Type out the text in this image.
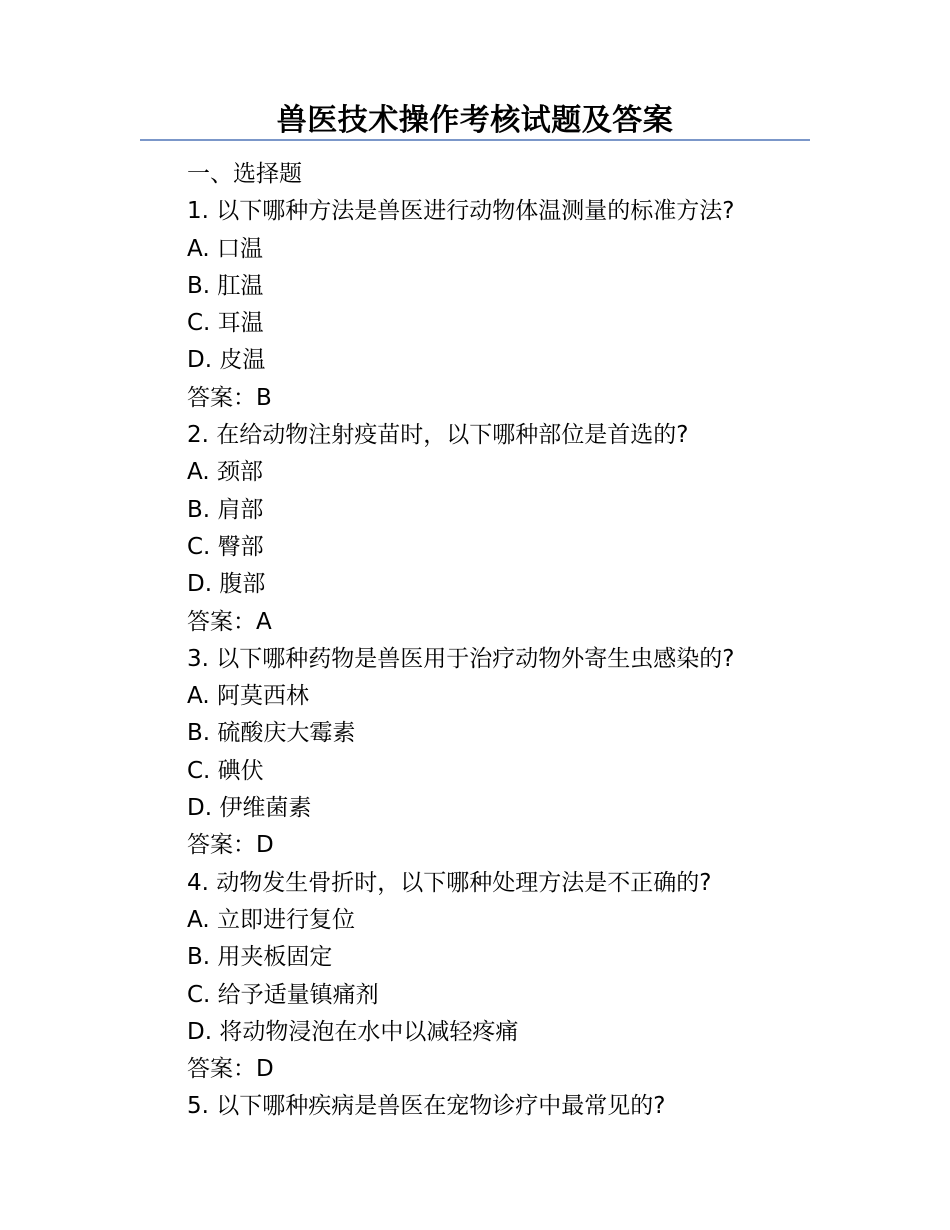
兽医技术操作考核试题及答案
一、选择题
1. 以下哪种方法是兽医进行动物体温测量的标准方法?
A. 口温
B. 肛温
C. 耳温
D. 皮温
答案：B
2. 在给动物注射疫苗时，以下哪种部位是首选的?
A. 颈部
B. 肩部
C. 臀部
D. 腹部
答案：A
3. 以下哪种药物是兽医用于治疗动物外寄生虫感染的?
A. 阿莫西林
B. 硫酸庆大霉素
C. 碘伏
D. 伊维菌素
答案：D
4. 动物发生骨折时，以下哪种处理方法是不正确的?
A. 立即进行复位
B. 用夹板固定
C. 给予适量镇痛剂
D. 将动物浸泡在水中以减轻疼痛
答案：D
5. 以下哪种疾病是兽医在宠物诊疗中最常见的?
